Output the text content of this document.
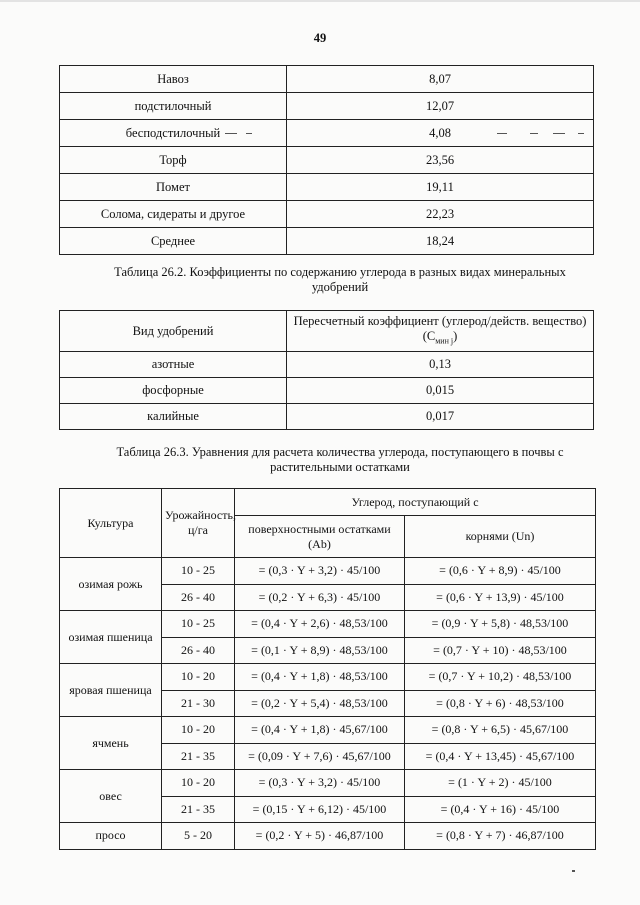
49
Навоз	8,07
подстилочный	12,07
бесподстилочный	4,08
Торф	23,56
Помет	19,11
Солома, сидераты и другое	22,23
Среднее	18,24
Таблица 26.2. Коэффициенты по содержанию углерода в разных видах минеральных удобрений
Вид удобрений	Пересчетный коэффициент (углерод/действ. вещество) $(C_{мин j})$
азотные	0,13
фосфорные	0,015
калийные	0,017
Таблица 26.3. Уравнения для расчета количества углерода, поступающего в почвы с растительными остатками
Культура	Урожайность, ц/га	Углерод, поступающий с	
		поверхностными остатками (Ab)	корнями (Un)
озимая рожь	10 - 25	= (0,3 · Y + 3,2) · 45/100	= (0,6 · Y + 8,9) · 45/100
	26 - 40	= (0,2 · Y + 6,3) · 45/100	= (0,6 · Y + 13,9) · 45/100
озимая пшеница	10 - 25	= (0,4 · Y + 2,6) · 48,53/100	= (0,9 · Y + 5,8) · 48,53/100
	26 - 40	= (0,1 · Y + 8,9) · 48,53/100	= (0,7 · Y + 10) · 48,53/100
яровая пшеница	10 - 20	= (0,4 · Y + 1,8) · 48,53/100	= (0,7 · Y + 10,2) · 48,53/100
	21 - 30	= (0,2 · Y + 5,4) · 48,53/100	= (0,8 · Y + 6) · 48,53/100
ячмень	10 - 20	= (0,4 · Y + 1,8) · 45,67/100	= (0,8 · Y + 6,5) · 45,67/100
	21 - 35	= (0,09 · Y + 7,6) · 45,67/100	= (0,4 · Y + 13,45) · 45,67/100
овес	10 - 20	= (0,3 · Y + 3,2) · 45/100	= (1 · Y + 2) · 45/100
	21 - 35	= (0,15 · Y + 6,12) · 45/100	= (0,4 · Y + 16) · 45/100
просо	5 - 20	= (0,2 · Y + 5) · 46,87/100	= (0,8 · Y + 7) · 46,87/100
